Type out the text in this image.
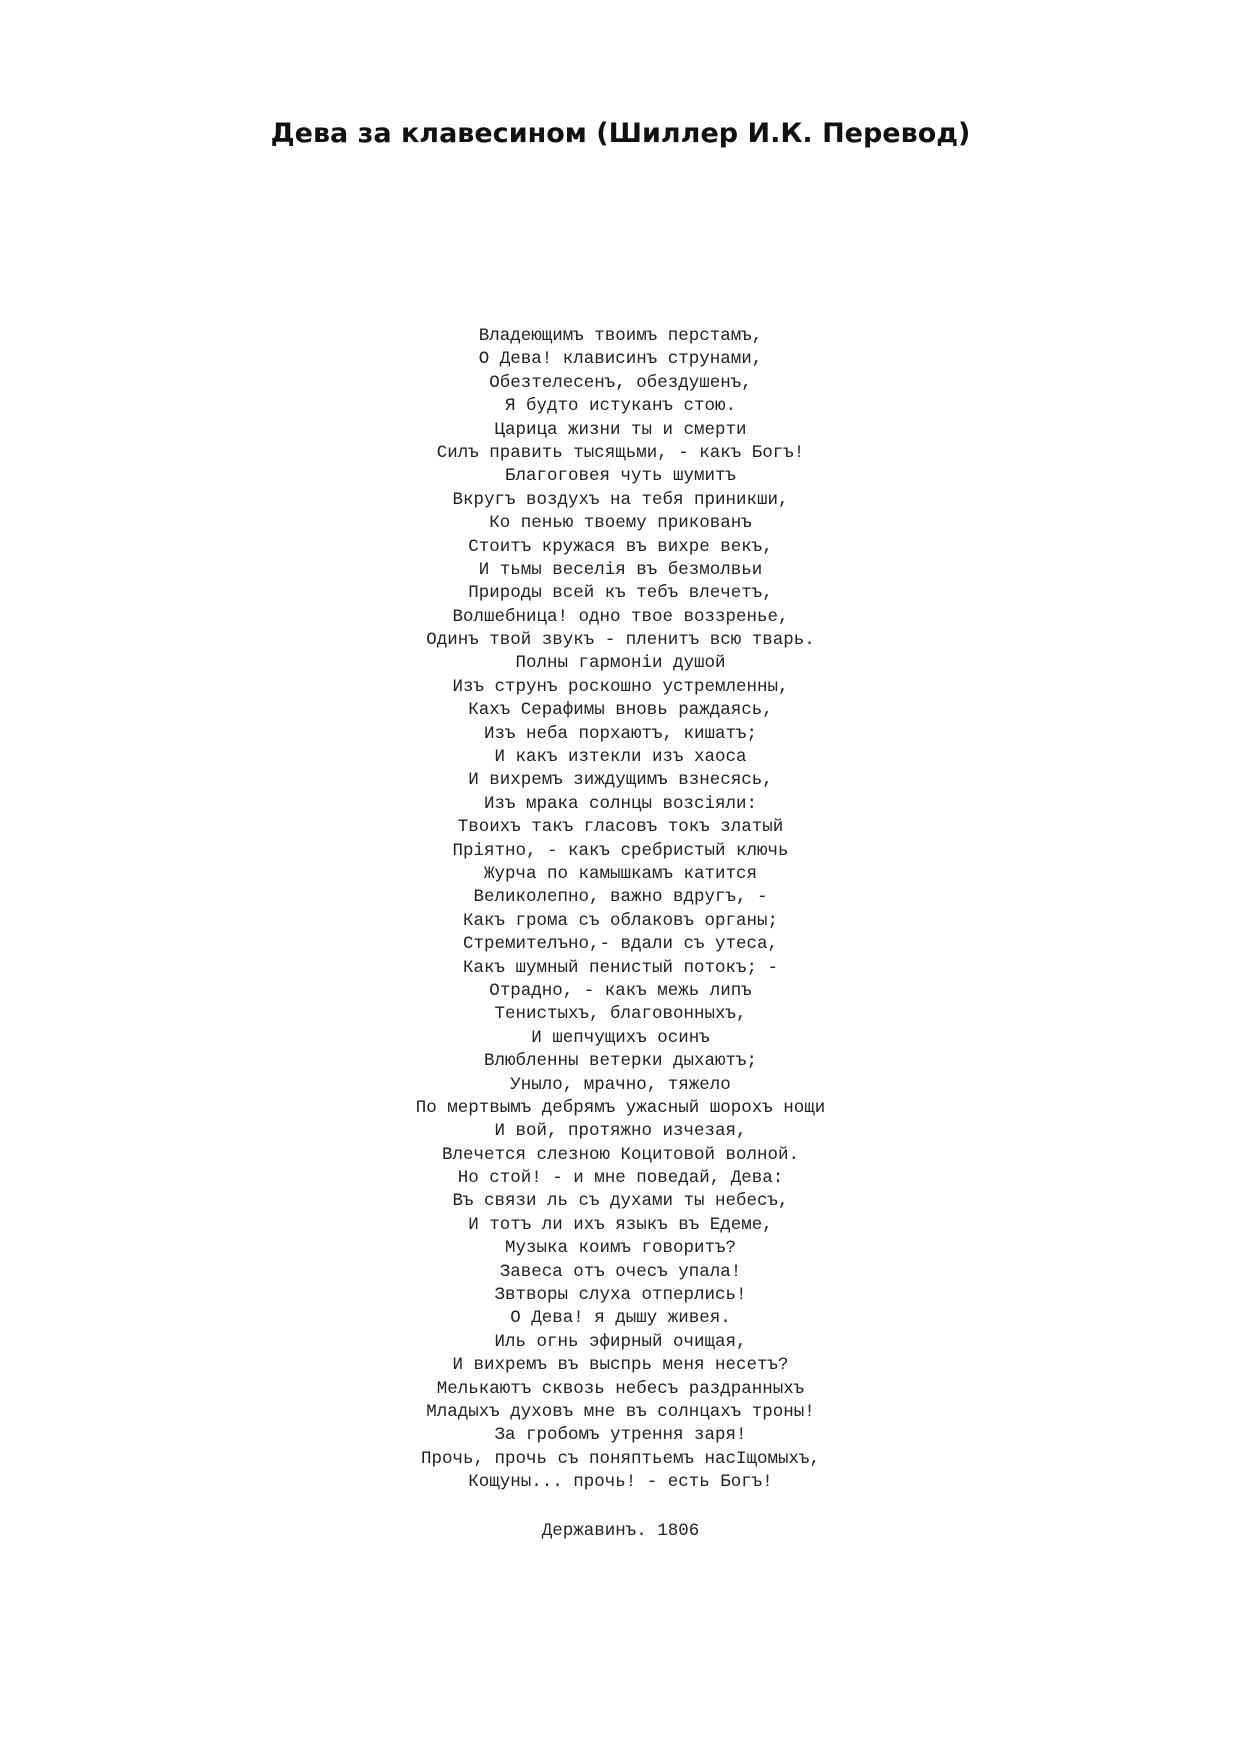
Дева за клавесином (Шиллер И.К. Перевод)
Владеющимъ твоимъ перстамъ,
О Дева! клависинъ струнами,
Обезтелесенъ, обездушенъ,
Я будто истуканъ стою.
Царица жизни ты и смерти
Силъ править тысящьми, - какъ Богъ!
Благоговея чуть шумитъ
Вкругъ воздухъ на тебя приникши,
Ко пенью твоему прикованъ
Стоитъ кружася въ вихре векъ,
И тьмы веселія въ безмолвьи
Природы всей къ тебъ влечетъ,
Волшебница! одно твое воззренье,
Одинъ твой звукъ - пленитъ всю тварь.
Полны гармоніи душой
Изъ струнъ роскошно устремленны,
Кахъ Серафимы вновь раждаясь,
Изъ неба порхаютъ, кишатъ;
И какъ изтекли изъ хаоса
И вихремъ зиждущимъ взнесясь,
Изъ мрака солнцы возсіяли:
Твоихъ такъ гласовъ токъ златый
Пріятно, - какъ сребристый ключь
Журча по камышкамъ катится
Великолепно, важно вдругъ, -
Какъ грома съ облаковъ органы;
Стремителъно,- вдали съ утеса,
Какъ шумный пенистый потокъ; -
Отрадно, - какъ межь липъ
Тенистыхъ, благовонныхъ,
И шепчущихъ осинъ
Влюбленны ветерки дыхаютъ;
Уныло, мрачно, тяжело
По мертвымъ дебрямъ ужасный шорохъ нощи
И вой, протяжно изчезая,
Влечется слезною Коцитовой волной.
Но стой! - и мне поведай, Дева:
Въ связи ль съ духами ты небесъ,
И тотъ ли ихъ языкъ въ Едеме,
Музыка коимъ говоритъ?
Завеса отъ очесъ упала!
Звтворы слуха отперлись!
О Дева! я дышу живея.
Иль огнь эфирный очищая,
И вихремъ въ выспрь меня несетъ?
Мелькаютъ сквозь небесъ раздранныхъ
Младыхъ духовъ мне въ солнцахъ троны!
За гробомъ утрення заря!
Прочь, прочь съ поняптьемъ насІщомыхъ,
Кощуны... прочь! - есть Богъ!
Державинъ. 1806
